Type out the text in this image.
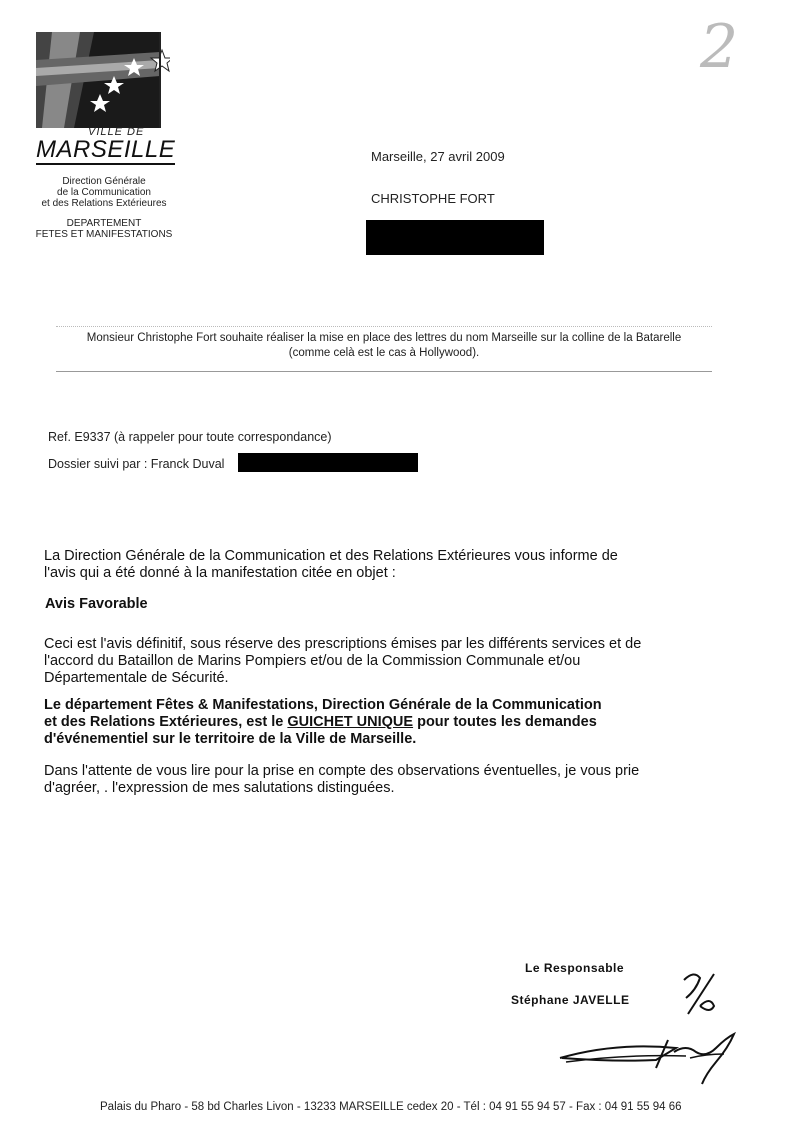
2
VILLE DE
MARSEILLE
Direction Générale
de la Communication
et des Relations Extérieures
DEPARTEMENT
FETES ET MANIFESTATIONS
Marseille, 27 avril 2009
CHRISTOPHE FORT
Monsieur Christophe Fort souhaite réaliser la mise en place des lettres du nom Marseille sur la colline de la Batarelle
(comme celà est le cas à Hollywood).
Ref. E9337 (à rappeler pour toute correspondance)
Dossier suivi par : Franck Duval
La Direction Générale de la Communication et des Relations Extérieures vous informe de
l'avis qui a été donné à la manifestation citée en objet :
Avis Favorable
Ceci est l'avis définitif, sous réserve des prescriptions émises par les différents services et de
l'accord du Bataillon de Marins Pompiers et/ou de la Commission Communale et/ou
Départementale de Sécurité.
Le département Fêtes & Manifestations, Direction Générale de la Communication
et des Relations Extérieures, est le GUICHET UNIQUE pour toutes les demandes
d'événementiel sur le territoire de la Ville de Marseille.
Dans l'attente de vous lire pour la prise en compte des observations éventuelles, je vous prie
d'agréer, . l'expression de mes salutations distinguées.
Le Responsable
Stéphane JAVELLE
Palais du Pharo - 58 bd Charles Livon - 13233 MARSEILLE cedex 20 - Tél : 04 91 55 94 57 - Fax : 04 91 55 94 66
